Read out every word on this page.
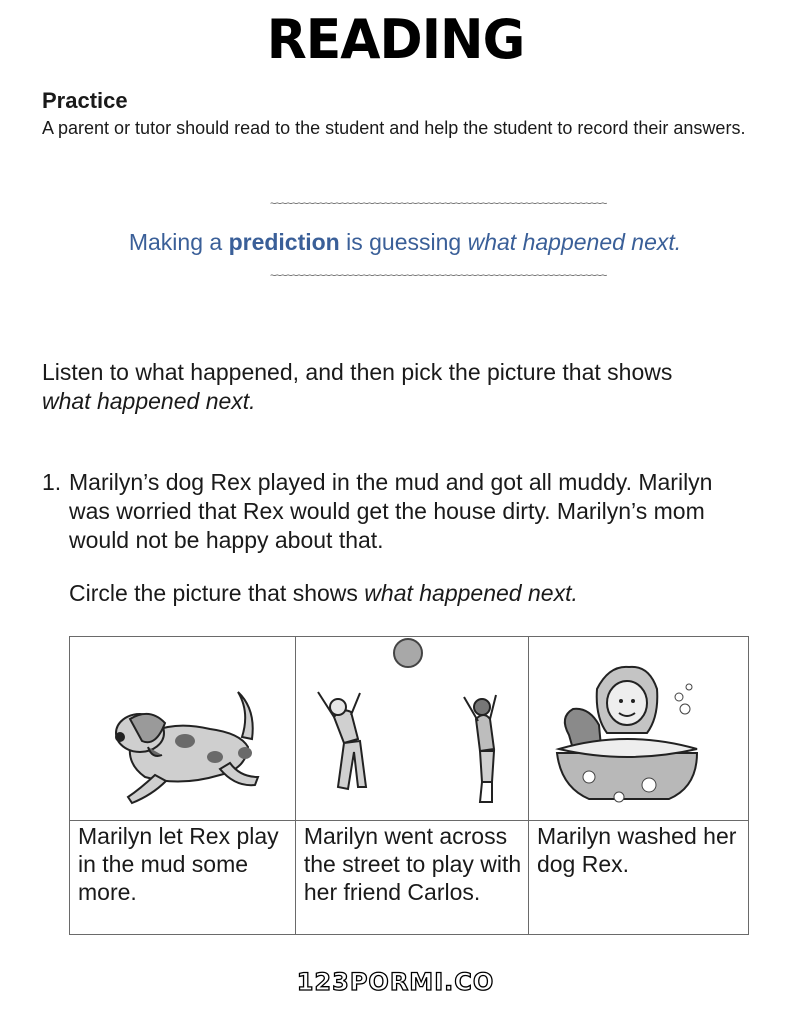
READING
Practice
A parent or tutor should read to the student and help the student to record their answers.
~~~~~~~~~~~~~~~~~~~~~~~~~~~~~~~~~~~~~~~~~~~~~~~~~~~~~~~~~~~~~~
Making a prediction is guessing what happened next.
~~~~~~~~~~~~~~~~~~~~~~~~~~~~~~~~~~~~~~~~~~~~~~~~~~~~~~~~~~~~~~
Listen to what happened, and then pick the picture that shows
what happened next.
1. Marilyn’s dog Rex played in the mud and got all muddy. Marilyn was worried that Rex would get the house dirty. Marilyn’s mom would not be happy about that.
Circle the picture that shows what happened next.

Marilyn let Rex play in the mud some more.	Marilyn went across the street to play with her friend Carlos.	Marilyn washed her dog Rex.
123PORMI.CO
